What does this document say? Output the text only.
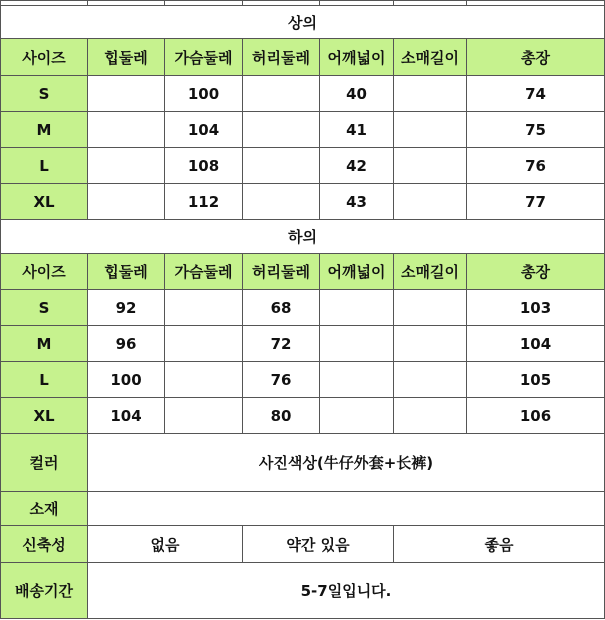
상의						
사이즈	힙둘레	가슴둘레	허리둘레	어깨넓이	소매길이	총장
S		100		40		74
M		104		41		75
L		108		42		76
XL		112		43		77
하의						
사이즈	힙둘레	가슴둘레	허리둘레	어깨넓이	소매길이	총장
S	92		68			103
M	96		72			104
L	100		76			105
XL	104		80			106
컬러	사진색상(牛仔外套+长裤)					
소재						
신축성	없음		약간 있음		좋음	
배송기간	5-7일입니다.					
